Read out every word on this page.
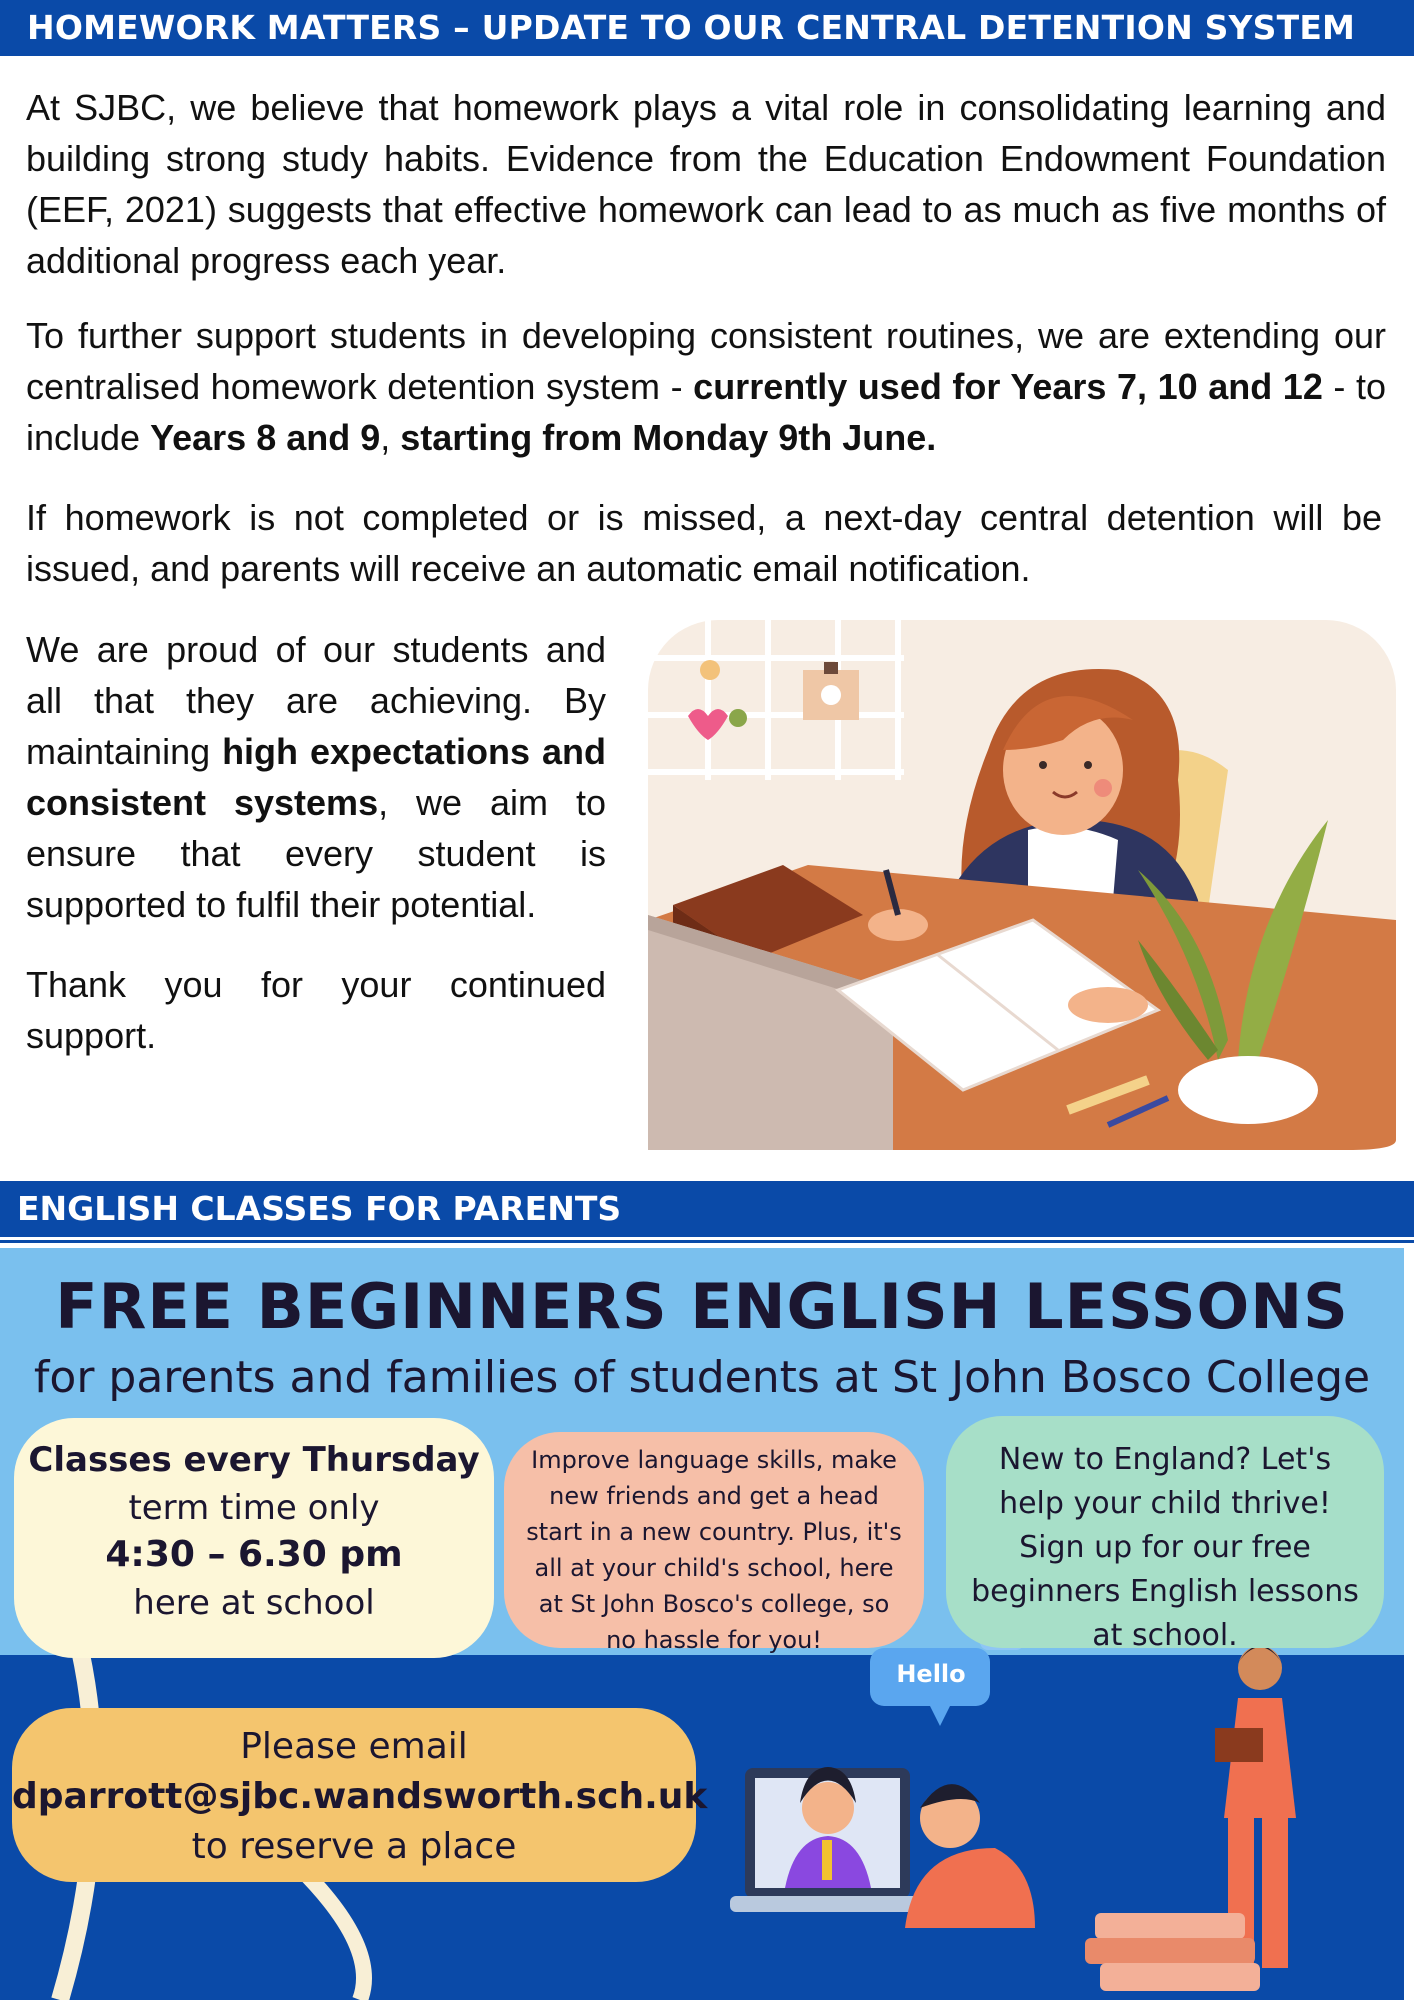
HOMEWORK MATTERS – UPDATE TO OUR CENTRAL DETENTION SYSTEM

At SJBC, we believe that homework plays a vital role in consolidating learning and building strong study habits. Evidence from the Education Endowment Foundation (EEF, 2021) suggests that effective homework can lead to as much as five months of additional progress each year.

To further support students in developing consistent routines, we are extending our centralised homework detention system - currently used for Years 7, 10 and 12 - to include Years 8 and 9, starting from Monday 9th June.

If homework is not completed or is missed, a next-day central detention will be issued, and parents will receive an automatic email notification.

We are proud of our students and all that they are achieving. By maintaining high expectations and consistent systems, we aim to ensure that every student is supported to fulfil their potential.

Thank you for your continued support.

ENGLISH CLASSES FOR PARENTS
FREE BEGINNERS ENGLISH LESSONS
for parents and families of students at St John Bosco College
Classes every Thursday
term time only
4:30 – 6.30 pm
here at school
Improve language skills, make new friends and get a head start in a new country. Plus, it's all at your child's school, here at St John Bosco's college, so no hassle for you!
New to England? Let's help your child thrive! Sign up for our free beginners English lessons at school.
Please email
dparrott@sjbc.wandsworth.sch.uk
to reserve a place
Hello
